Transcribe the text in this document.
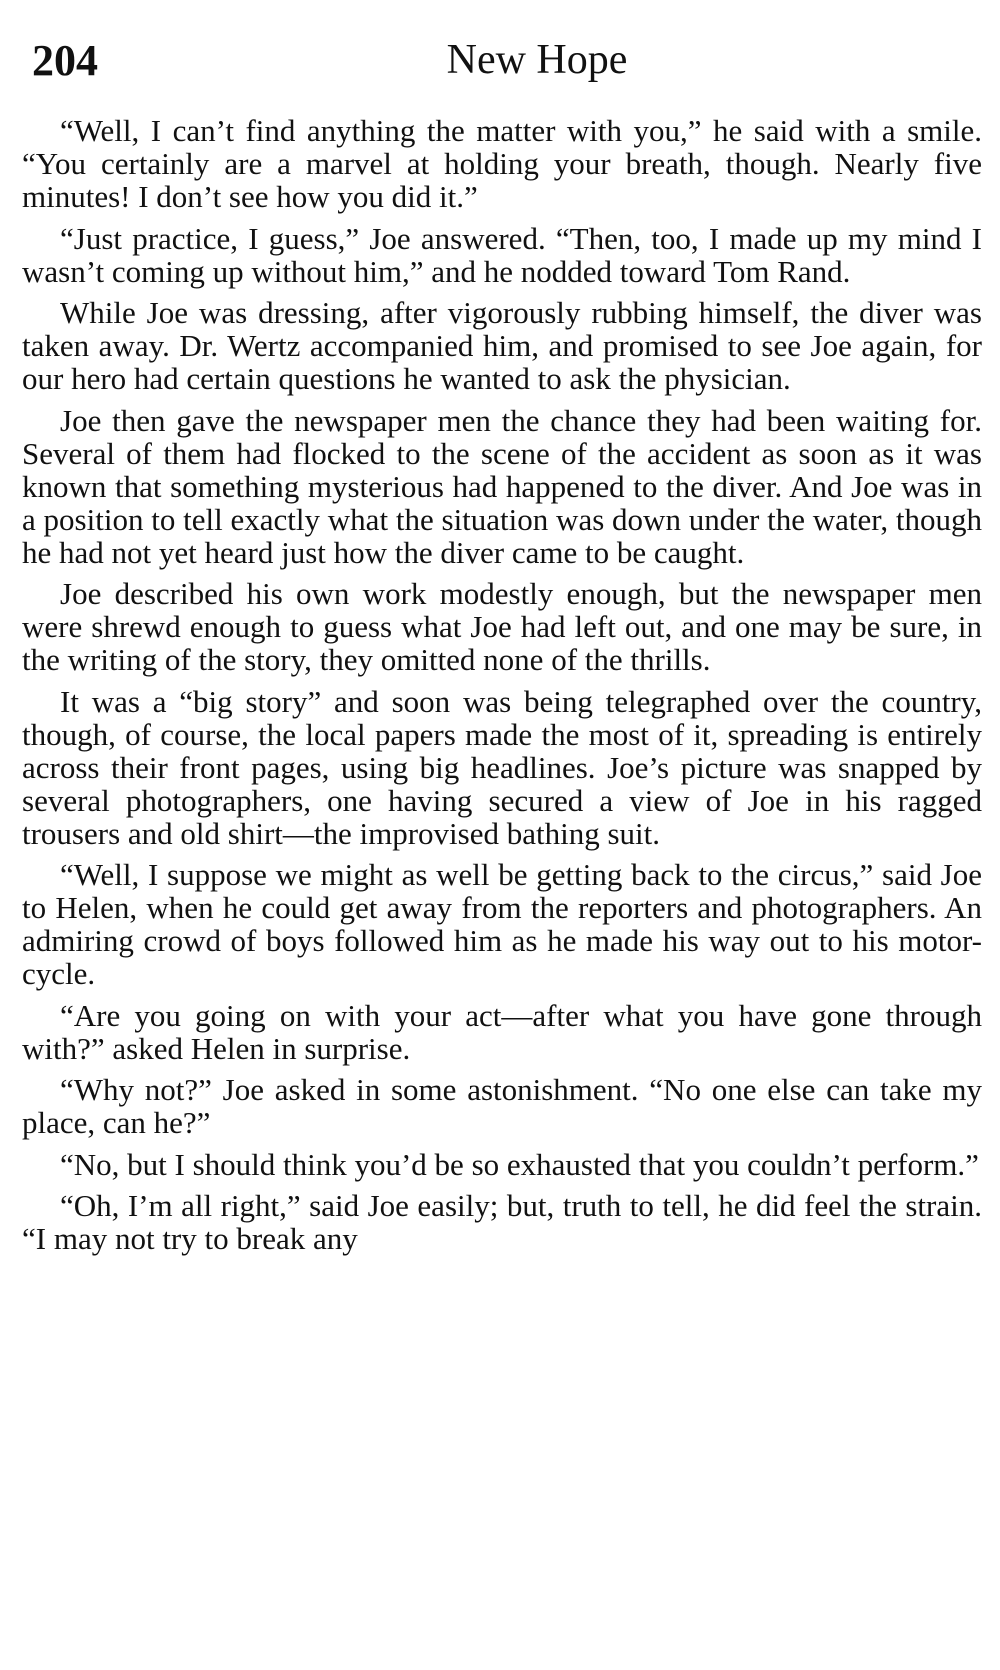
204	New Hope

“Well, I can’t find anything the matter with you,” he said with a smile. “You certainly are a marvel at holding your breath, though. Nearly five minutes! I don’t see how you did it.”

“Just practice, I guess,” Joe answered. “Then, too, I made up my mind I wasn’t coming up without him,” and he nodded toward Tom Rand.

While Joe was dressing, after vigorously rubbing himself, the diver was taken away. Dr. Wertz accompanied him, and promised to see Joe again, for our hero had certain questions he wanted to ask the physician.

Joe then gave the newspaper men the chance they had been waiting for. Several of them had flocked to the scene of the accident as soon as it was known that something mysterious had happened to the diver. And Joe was in a position to tell exactly what the situation was down under the water, though he had not yet heard just how the diver came to be caught.

Joe described his own work modestly enough, but the newspaper men were shrewd enough to guess what Joe had left out, and one may be sure, in the writing of the story, they omitted none of the thrills.

It was a “big story” and soon was being telegraphed over the country, though, of course, the local papers made the most of it, spreading is entirely across their front pages, using big headlines. Joe’s picture was snapped by several photographers, one having secured a view of Joe in his ragged trousers and old shirt—the improvised bathing suit.

“Well, I suppose we might as well be getting back to the circus,” said Joe to Helen, when he could get away from the reporters and photographers. An admiring crowd of boys followed him as he made his way out to his motor-cycle.

“Are you going on with your act—after what you have gone through with?” asked Helen in surprise.

“Why not?” Joe asked in some astonishment. “No one else can take my place, can he?”

“No, but I should think you’d be so exhausted that you couldn’t perform.”

“Oh, I’m all right,” said Joe easily; but, truth to tell, he did feel the strain. “I may not try to break any
